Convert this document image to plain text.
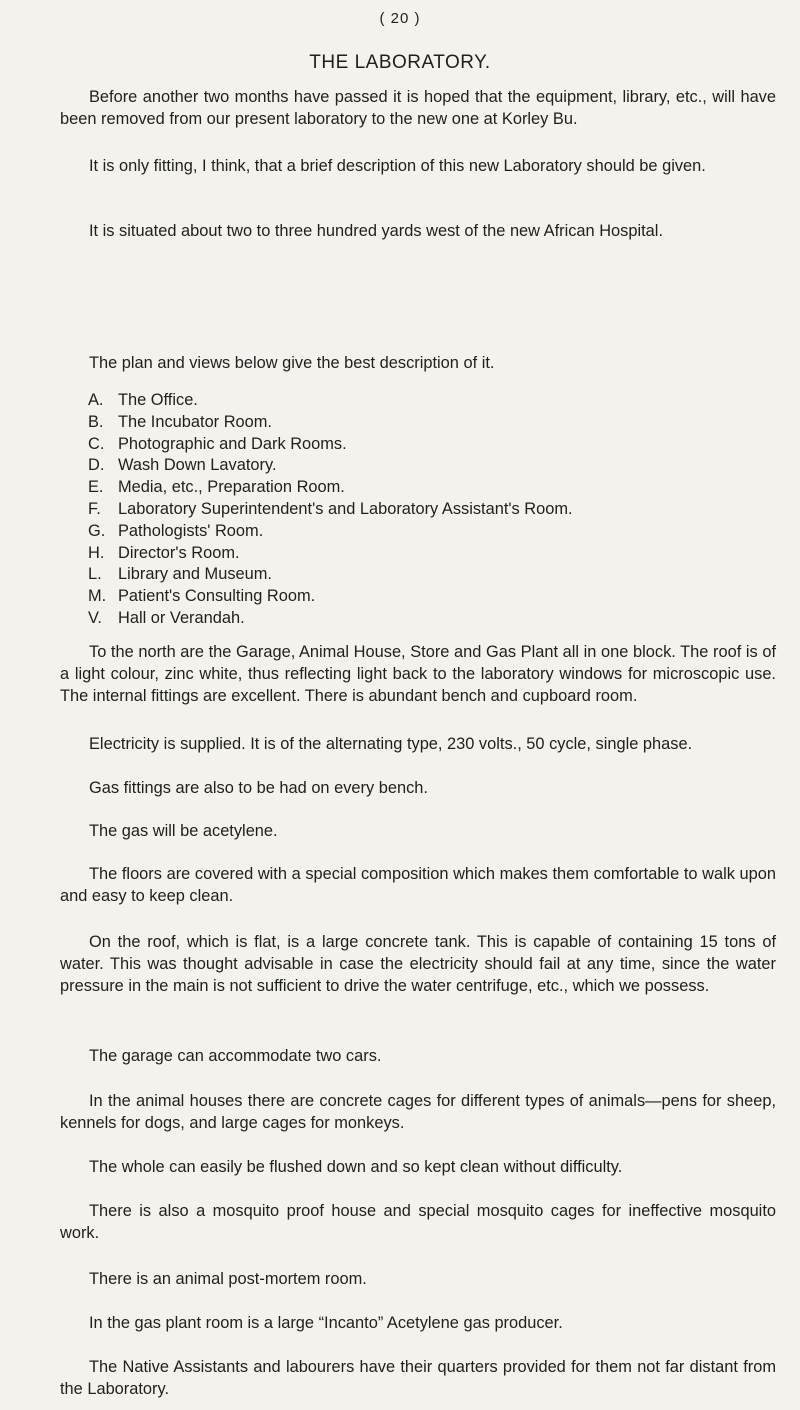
( 20 )
THE LABORATORY.

Before another two months have passed it is hoped that the equipment, library, etc., will have been removed from our present laboratory to the new one at Korley Bu.

It is only fitting, I think, that a brief description of this new Laboratory should be given.

It is situated about two to three hundred yards west of the new African Hospital.

The plan and views below give the best description of it.

A. The Office.
B. The Incubator Room.
C. Photographic and Dark Rooms.
D. Wash Down Lavatory.
E. Media, etc., Preparation Room.
F. Laboratory Superintendent's and Laboratory Assistant's Room.
G. Pathologists' Room.
H. Director's Room.
L. Library and Museum.
M. Patient's Consulting Room.
V. Hall or Verandah.

To the north are the Garage, Animal House, Store and Gas Plant all in one block. The roof is of a light colour, zinc white, thus reflecting light back to the laboratory windows for microscopic use. The internal fittings are excellent. There is abundant bench and cupboard room.

Electricity is supplied. It is of the alternating type, 230 volts., 50 cycle, single phase.

Gas fittings are also to be had on every bench.

The gas will be acetylene.

The floors are covered with a special composition which makes them comfortable to walk upon and easy to keep clean.

On the roof, which is flat, is a large concrete tank. This is capable of containing 15 tons of water. This was thought advisable in case the electricity should fail at any time, since the water pressure in the main is not sufficient to drive the water centrifuge, etc., which we possess.

The garage can accommodate two cars.

In the animal houses there are concrete cages for different types of animals—pens for sheep, kennels for dogs, and large cages for monkeys.

The whole can easily be flushed down and so kept clean without difficulty.

There is also a mosquito proof house and special mosquito cages for ineffective mosquito work.

There is an animal post-mortem room.

In the gas plant room is a large “Incanto” Acetylene gas producer.

The Native Assistants and labourers have their quarters provided for them not far distant from the Laboratory.
